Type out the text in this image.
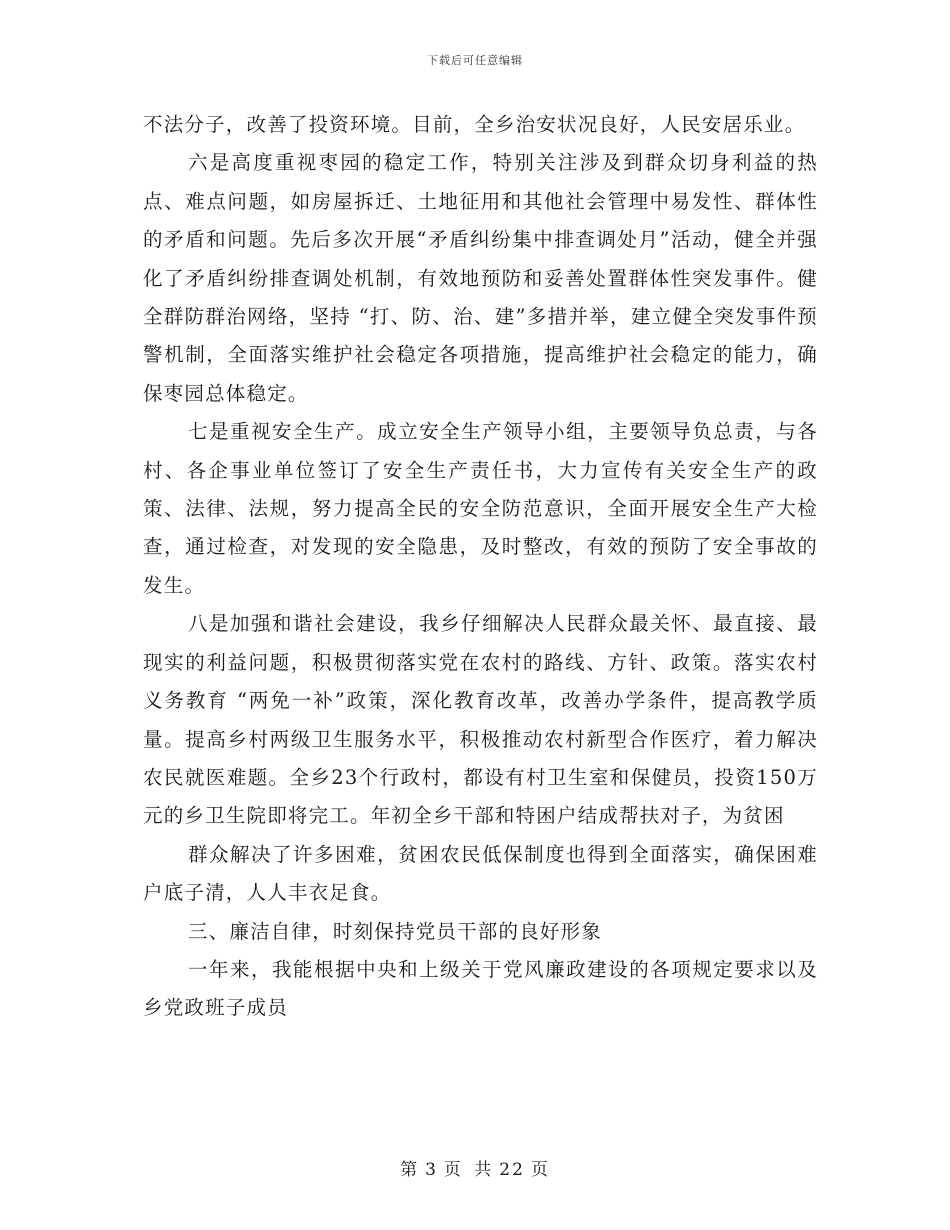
下载后可任意编辑

不法分子，改善了投资环境。目前，全乡治安状况良好，人民安居乐业。

六是高度重视枣园的稳定工作，特别关注涉及到群众切身利益的热点、难点问题，如房屋拆迁、土地征用和其他社会管理中易发性、群体性的矛盾和问题。先后多次开展“矛盾纠纷集中排查调处月”活动，健全并强化了矛盾纠纷排查调处机制，有效地预防和妥善处置群体性突发事件。健全群防群治网络，坚持 “打、防、治、建”多措并举，建立健全突发事件预警机制，全面落实维护社会稳定各项措施，提高维护社会稳定的能力，确保枣园总体稳定。

七是重视安全生产。成立安全生产领导小组，主要领导负总责，与各村、各企事业单位签订了安全生产责任书，大力宣传有关安全生产的政策、法律、法规，努力提高全民的安全防范意识，全面开展安全生产大检查，通过检查，对发现的安全隐患，及时整改，有效的预防了安全事故的发生。

八是加强和谐社会建设，我乡仔细解决人民群众最关怀、最直接、最现实的利益问题，积极贯彻落实党在农村的路线、方针、政策。落实农村义务教育 “两免一补”政策，深化教育改革，改善办学条件，提高教学质量。提高乡村两级卫生服务水平，积极推动农村新型合作医疗，着力解决农民就医难题。全乡23个行政村，都设有村卫生室和保健员，投资150万元的乡卫生院即将完工。年初全乡干部和特困户结成帮扶对子，为贫困

群众解决了许多困难，贫困农民低保制度也得到全面落实，确保困难户底子清，人人丰衣足食。

三、廉洁自律，时刻保持党员干部的良好形象

一年来，我能根据中央和上级关于党风廉政建设的各项规定要求以及乡党政班子成员

第 3 页 共 22 页
